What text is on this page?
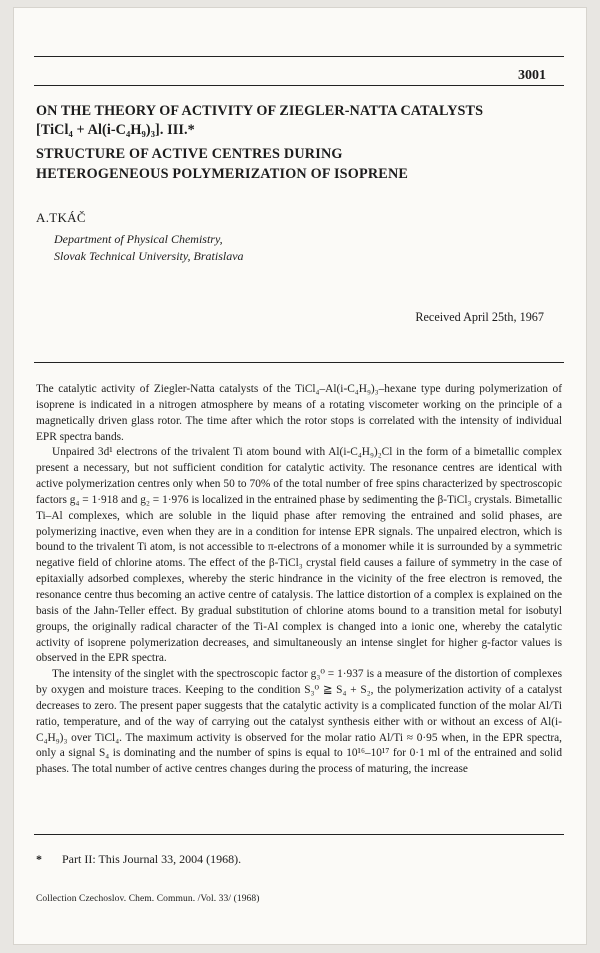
3001
ON THE THEORY OF ACTIVITY OF ZIEGLER-NATTA CATALYSTS
[TiCl₄ + Al(i-C₄H₉)₃]. III.*
STRUCTURE OF ACTIVE CENTRES DURING
HETEROGENEOUS POLYMERIZATION OF ISOPRENE
A.TKÁČ
Department of Physical Chemistry,
Slovak Technical University, Bratislava
Received April 25th, 1967

The catalytic activity of Ziegler-Natta catalysts of the TiCl₄–Al(i-C₄H₉)₃–hexane type during polymerization of isoprene is indicated in a nitrogen atmosphere by means of a rotating viscometer working on the principle of a magnetically driven glass rotor. The time after which the rotor stops is correlated with the intensity of individual EPR spectra bands.

Unpaired 3d¹ electrons of the trivalent Ti atom bound with Al(i-C₄H₉)₂Cl in the form of a bimetallic complex present a necessary, but not sufficient condition for catalytic activity. The resonance centres are identical with active polymerization centres only when 50 to 70% of the total number of free spins characterized by spectroscopic factors g₄ = 1·918 and g₂ = 1·976 is localized in the entrained phase by sedimenting the β-TiCl₃ crystals. Bimetallic Ti–Al complexes, which are soluble in the liquid phase after removing the entrained and solid phases, are polymerizing inactive, even when they are in a condition for intense EPR signals. The unpaired electron, which is bound to the trivalent Ti atom, is not accessible to π-electrons of a monomer while it is surrounded by a symmetric negative field of chlorine atoms. The effect of the β-TiCl₃ crystal field causes a failure of symmetry in the case of epitaxially adsorbed complexes, whereby the steric hindrance in the vicinity of the free electron is removed, the resonance centre thus becoming an active centre of catalysis. The lattice distortion of a complex is explained on the basis of the Jahn-Teller effect. By gradual substitution of chlorine atoms bound to a transition metal for isobutyl groups, the originally radical character of the Ti-Al complex is changed into a ionic one, whereby the catalytic activity of isoprene polymerization decreases, and simultaneously an intense singlet for higher g-factor values is observed in the EPR spectra.

The intensity of the singlet with the spectroscopic factor g₃⁰ = 1·937 is a measure of the distortion of complexes by oxygen and moisture traces. Keeping to the condition S₃⁰ ≧ S₄ + S₂, the polymerization activity of a catalyst decreases to zero. The present paper suggests that the catalytic activity is a complicated function of the molar Al/Ti ratio, temperature, and of the way of carrying out the catalyst synthesis either with or without an excess of Al(i-C₄H₉)₃ over TiCl₄. The maximum activity is observed for the molar ratio Al/Ti ≈ 0·95 when, in the EPR spectra, only a signal S₄ is dominating and the number of spins is equal to 10¹⁶–10¹⁷ for 0·1 ml of the entrained and solid phases. The total number of active centres changes during the process of maturing, the increase

* Part II: This Journal 33, 2004 (1968).
Collection Czechoslov. Chem. Commun. /Vol. 33/ (1968)
